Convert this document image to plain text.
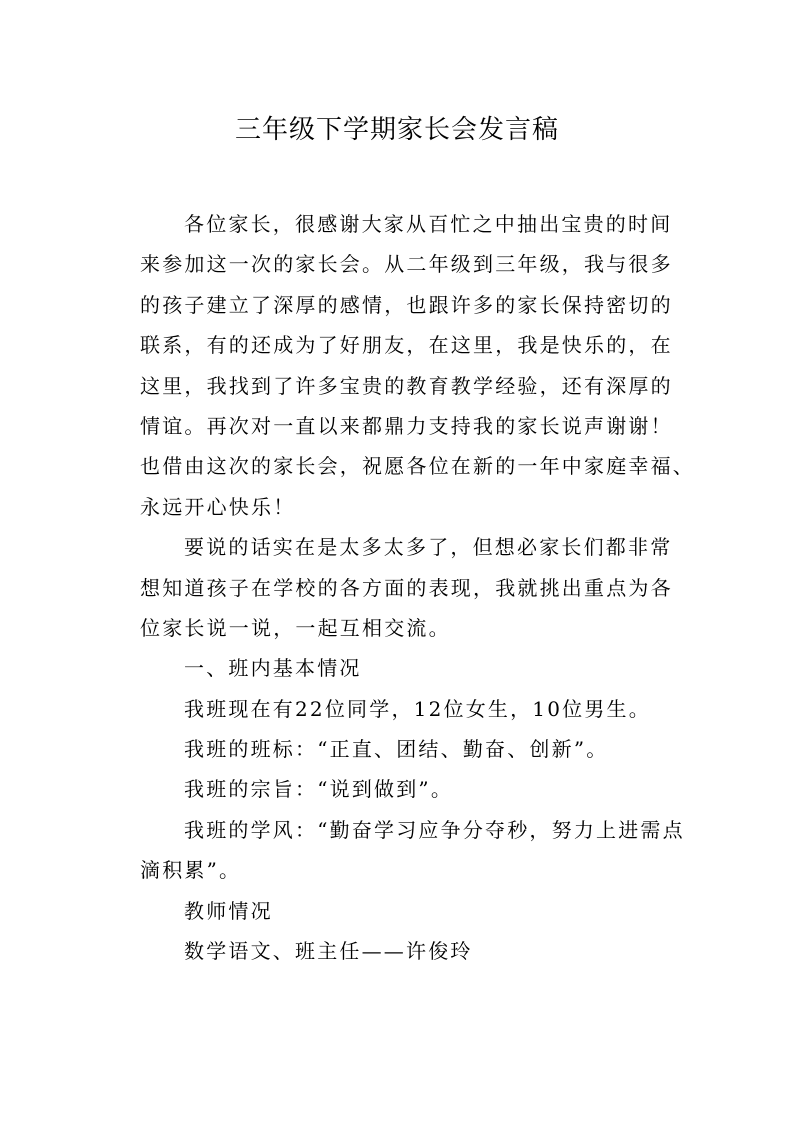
三年级下学期家长会发言稿

各位家长，很感谢大家从百忙之中抽出宝贵的时间

来参加这一次的家长会。从二年级到三年级，我与很多

的孩子建立了深厚的感情，也跟许多的家长保持密切的

联系，有的还成为了好朋友，在这里，我是快乐的，在

这里，我找到了许多宝贵的教育教学经验，还有深厚的

情谊。再次对一直以来都鼎力支持我的家长说声谢谢！

也借由这次的家长会，祝愿各位在新的一年中家庭幸福、

永远开心快乐！

要说的话实在是太多太多了，但想必家长们都非常

想知道孩子在学校的各方面的表现，我就挑出重点为各

位家长说一说，一起互相交流。

一、班内基本情况

我班现在有22位同学，12位女生，10位男生。

我班的班标：“正直、团结、勤奋、创新”。

我班的宗旨：“说到做到”。

我班的学风：“勤奋学习应争分夺秒，努力上进需点

滴积累”。

教师情况

数学语文、班主任——许俊玲
